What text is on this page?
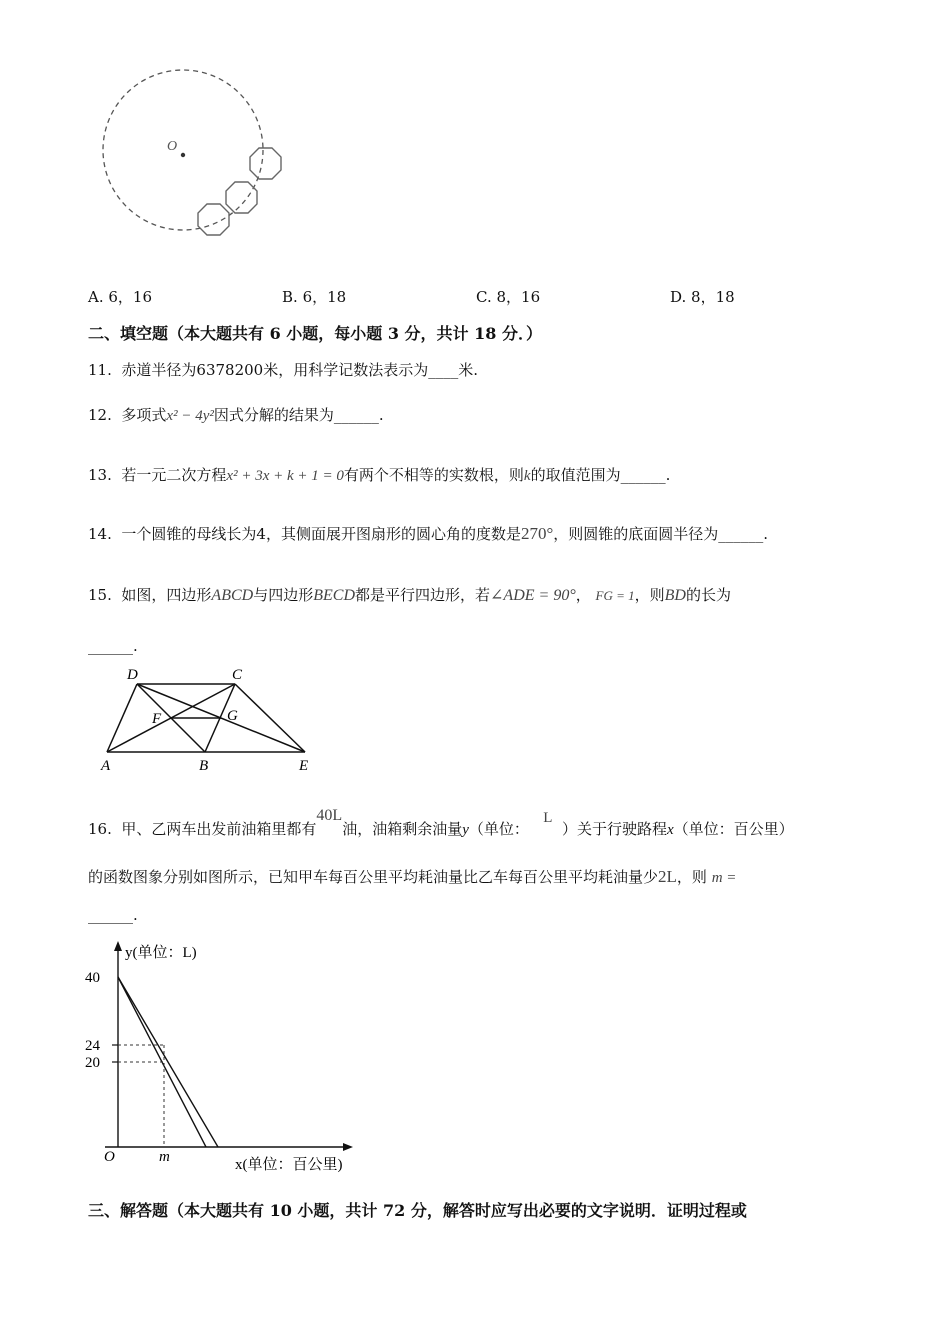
O
A. 6，16	B. 6，18	C. 8，16	D. 8，18
二、填空题（本大题共有 6 小题，每小题 3 分，共计 18 分．）
11. 赤道半径为6378200米，用科学记数法表示为____米.
12. 多项式x² − 4y²因式分解的结果为______.
13. 若一元二次方程x² + 3x + k + 1 = 0有两个不相等的实数根，则k的取值范围为______.
14. 一个圆锥的母线长为4，其侧面展开图扇形的圆心角的度数是270°，则圆锥的底面圆半径为______.
15. 如图，四边形ABCD与四边形BECD都是平行四边形，若∠ADE = 90°， FG = 1，则BD的长为
______.
D	C
F	G
A	B	E
16. 甲、乙两车出发前油箱里都有40L油，油箱剩余油量y（单位：   L  ）关于行驶路程x（单位：百公里）
的函数图象分别如图所示，已知甲车每百公里平均耗油量比乙车每百公里平均耗油量少2L，则 m =
______.
y(单位：L)
x(单位：百公里)
O
40
24
20
m
三、解答题（本大题共有 10 小题，共计 72 分，解答时应写出必要的文字说明．证明过程或
